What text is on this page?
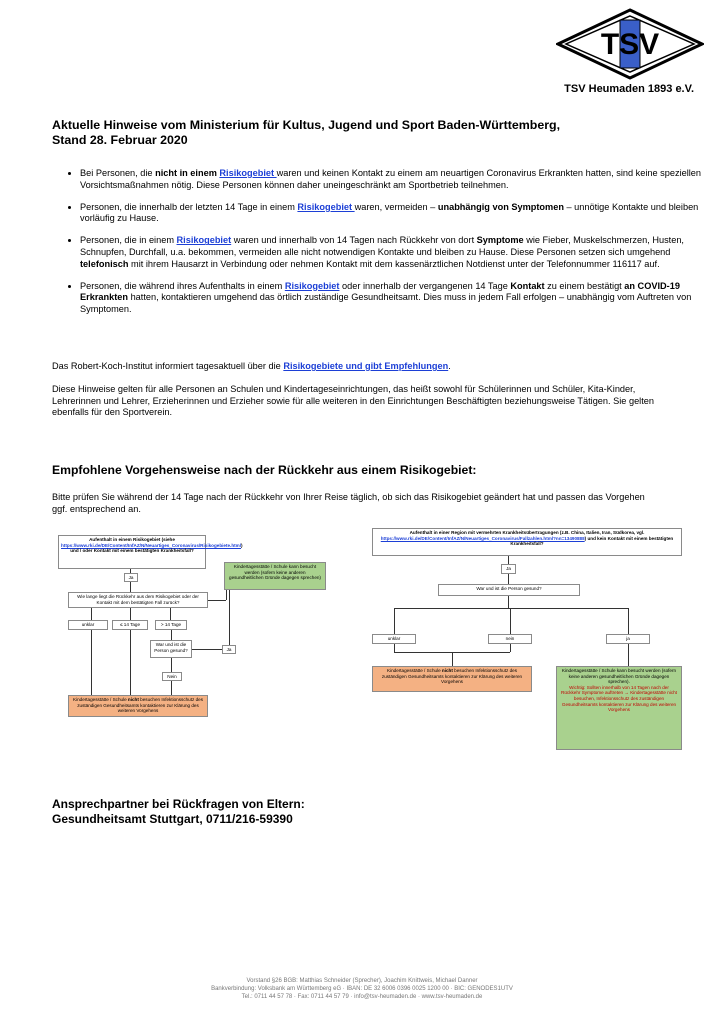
TSV
TSV Heumaden 1893 e.V.
Aktuelle Hinweise vom Ministerium für Kultus, Jugend und Sport Baden-Württemberg,
Stand 28. Februar 2020
• Bei Personen, die nicht in einem Risikogebiet waren und keinen Kontakt zu einem am neuartigen Coronavirus Erkrankten hatten, sind keine speziellen Vorsichtsmaßnahmen nötig. Diese Personen können daher uneingeschränkt am Sportbetrieb teilnehmen.
• Personen, die innerhalb der letzten 14 Tage in einem Risikogebiet waren, vermeiden – unabhängig von Symptomen – unnötige Kontakte und bleiben vorläufig zu Hause.
• Personen, die in einem Risikogebiet waren und innerhalb von 14 Tagen nach Rückkehr von dort Symptome wie Fieber, Muskelschmerzen, Husten, Schnupfen, Durchfall, u.a. bekommen, vermeiden alle nicht notwendigen Kontakte und bleiben zu Hause. Diese Personen setzen sich umgehend telefonisch mit ihrem Hausarzt in Verbindung oder nehmen Kontakt mit dem kassenärztlichen Notdienst unter der Telefonnummer 116117 auf.
• Personen, die während ihres Aufenthalts in einem Risikogebiet oder innerhalb der vergangenen 14 Tage Kontakt zu einem bestätigt an COVID-19 Erkrankten hatten, kontaktieren umgehend das örtlich zuständige Gesundheitsamt. Dies muss in jedem Fall erfolgen – unabhängig vom Auftreten von Symptomen.
Das Robert-Koch-Institut informiert tagesaktuell über die Risikogebiete und gibt Empfehlungen.
Diese Hinweise gelten für alle Personen an Schulen und Kindertageseinrichtungen, das heißt sowohl für Schülerinnen und Schüler, Kita-Kinder, Lehrerinnen und Lehrer, Erzieherinnen und Erzieher sowie für alle weiteren in den Einrichtungen Beschäftigten beziehungsweise Tätigen. Sie gelten ebenfalls für den Sportverein.
Empfohlene Vorgehensweise nach der Rückkehr aus einem Risikogebiet:
Bitte prüfen Sie während der 14 Tage nach der Rückkehr von Ihrer Reise täglich, ob sich das Risikogebiet geändert hat und passen das Vorgehen ggf. entsprechend an.
Aufenthalt in einem Risikogebiet (siehe https://www.rki.de/DE/Content/InfAZ/N/Neuartiges_Coronavirus/Risikogebiete.html) und / oder Kontakt mit einem bestätigten Krankheitsfall?
Ja
Wie lange liegt die Rückkehr aus dem Risikogebiet oder der Kontakt mit dem bestätigten Fall zurück?
Kindertagesstätte / Schule kann besucht werden (sofern keine anderen gesundheitlichen Gründe dagegen sprechen)
unklar	≤ 14 Tage	> 14 Tage
War und ist die Person gesund?	Ja
Nein
Kindertagesstätte / Schule nicht besuchen Infektionsschutz des zuständigen Gesundheitsamts kontaktieren zur Klärung des weiteren Vorgehens
Aufenthalt in einer Region mit vermehrten Krankheitsübertragungen (z.B. China, Italien, Iran, Südkorea, vgl. https://www.rki.de/DE/Content/InfAZ/N/Neuartiges_Coronavirus/Fallzahlen.html?nn=13490888) und kein Kontakt mit einem bestätigten Krankheitsfall?
Ja
War und ist die Person gesund?
unklar	nein	ja
Kindertagesstätte / Schule nicht besuchen Infektionsschutz des zuständigen Gesundheitsamts kontaktieren zur Klärung des weiteren Vorgehens
Kindertagesstätte / Schule kann besucht werden (sofern keine anderen gesundheitlichen Gründe dagegen sprechen).
Wichtig: Sollten innerhalb von 14 Tagen nach der Rückkehr Symptome auftreten → Kindertagesstätte nicht besuchen, Infektionsschutz des zuständigen Gesundheitsamts kontaktieren zur Klärung des weiteren Vorgehens
Ansprechpartner bei Rückfragen von Eltern:
Gesundheitsamt Stuttgart, 0711/216-59390
Vorstand §26 BGB: Matthias Schneider (Sprecher), Joachim Knittweis, Michael Danner
Bankverbindung: Volksbank am Württemberg eG · IBAN: DE 32 6006 0396 0025 1200 00 · BIC: GENODES1UTV
Tel.: 0711 44 57 78 · Fax: 0711 44 57 79 · info@tsv-heumaden.de · www.tsv-heumaden.de
